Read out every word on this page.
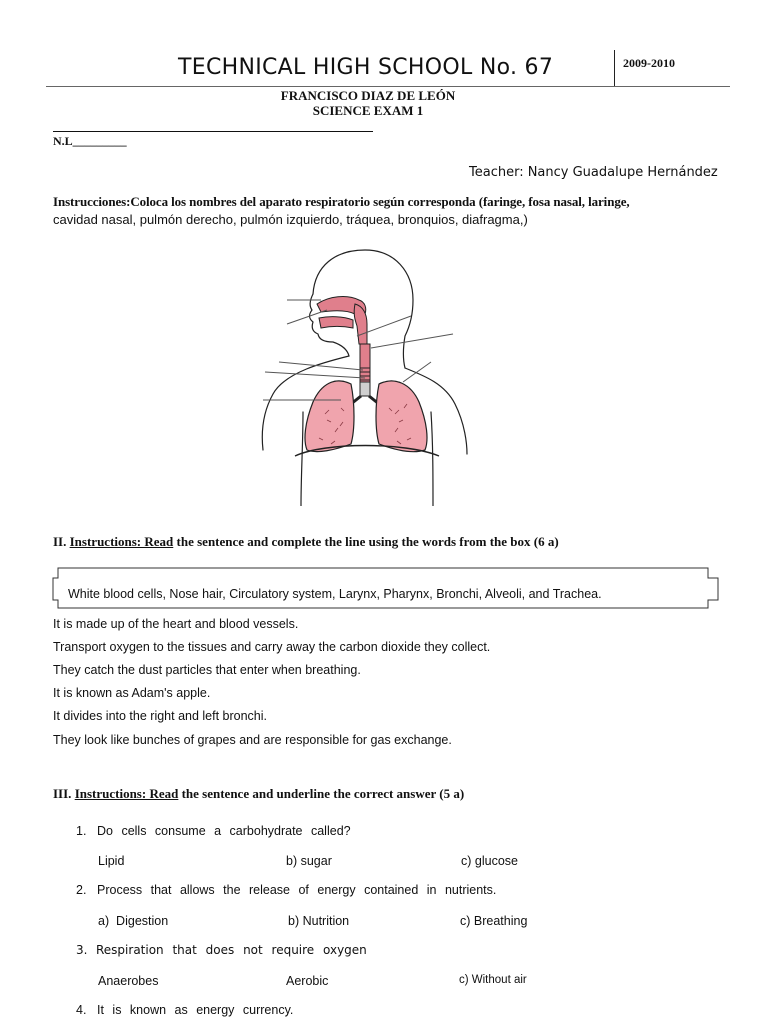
TECHNICAL HIGH SCHOOL No. 67	2009-2010
FRANCISCO DIAZ DE LEÓN
SCIENCE EXAM 1
N.L_________
Teacher: Nancy Guadalupe Hernández
Instrucciones:Coloca los nombres del aparato respiratorio según corresponda (faringe, fosa nasal, laringe,
cavidad nasal, pulmón derecho, pulmón izquierdo, tráquea, bronquios, diafragma,)
II. Instructions: Read the sentence and complete the line using the words from the box (6 a)
White blood cells, Nose hair, Circulatory system, Larynx, Pharynx, Bronchi, Alveoli, and Trachea.
It is made up of the heart and blood vessels.
Transport oxygen to the tissues and carry away the carbon dioxide they collect.
They catch the dust particles that enter when breathing.
It is known as Adam's apple.
It divides into the right and left bronchi.
They look like bunches of grapes and are responsible for gas exchange.
III. Instructions: Read the sentence and underline the correct answer (5 a)
1. Do cells consume a carbohydrate called?
Lipid	b) sugar	c) glucose
2. Process that allows the release of energy contained in nutrients.
a)  Digestion	b) Nutrition	c) Breathing
3. Respiration that does not require oxygen
Anaerobes	Aerobic	c) Without air
4. It is known as energy currency.
